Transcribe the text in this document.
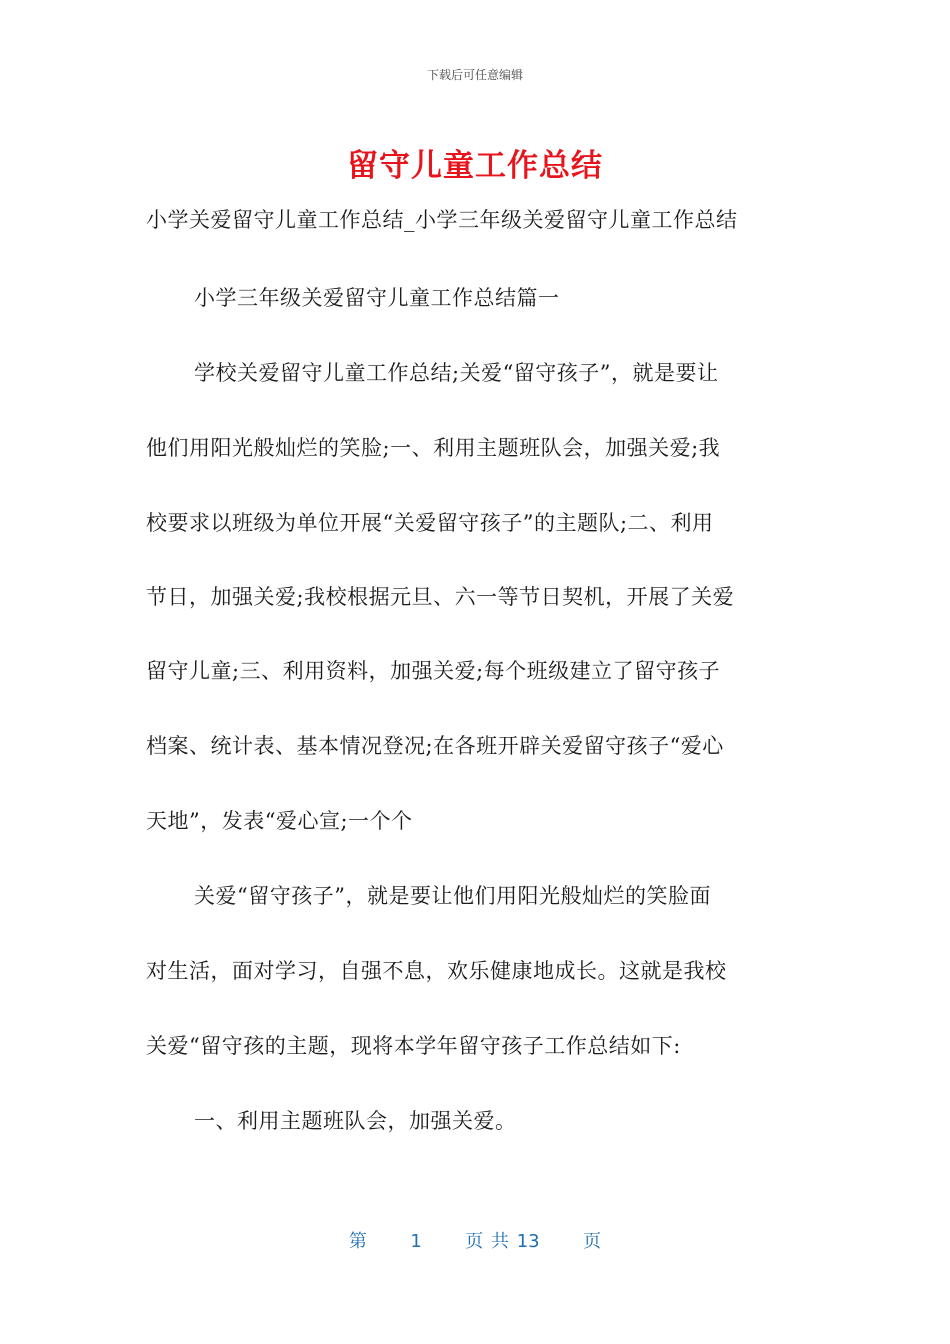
下载后可任意编辑
留守儿童工作总结
小学关爱留守儿童工作总结_小学三年级关爱留守儿童工作总结
小学三年级关爱留守儿童工作总结篇一
学校关爱留守儿童工作总结;关爱“留守孩子”，就是要让
他们用阳光般灿烂的笑脸;一、利用主题班队会，加强关爱;我
校要求以班级为单位开展“关爱留守孩子”的主题队;二、利用
节日，加强关爱;我校根据元旦、六一等节日契机，开展了关爱
留守儿童;三、利用资料，加强关爱;每个班级建立了留守孩子
档案、统计表、基本情况登况;在各班开辟关爱留守孩子“爱心
天地”，发表“爱心宣;一个个
关爱“留守孩子”，就是要让他们用阳光般灿烂的笑脸面
对生活，面对学习，自强不息，欢乐健康地成长。这就是我校
关爱“留守孩的主题，现将本学年留守孩子工作总结如下:
一、利用主题班队会，加强关爱。
第 1 页 共 13 页
